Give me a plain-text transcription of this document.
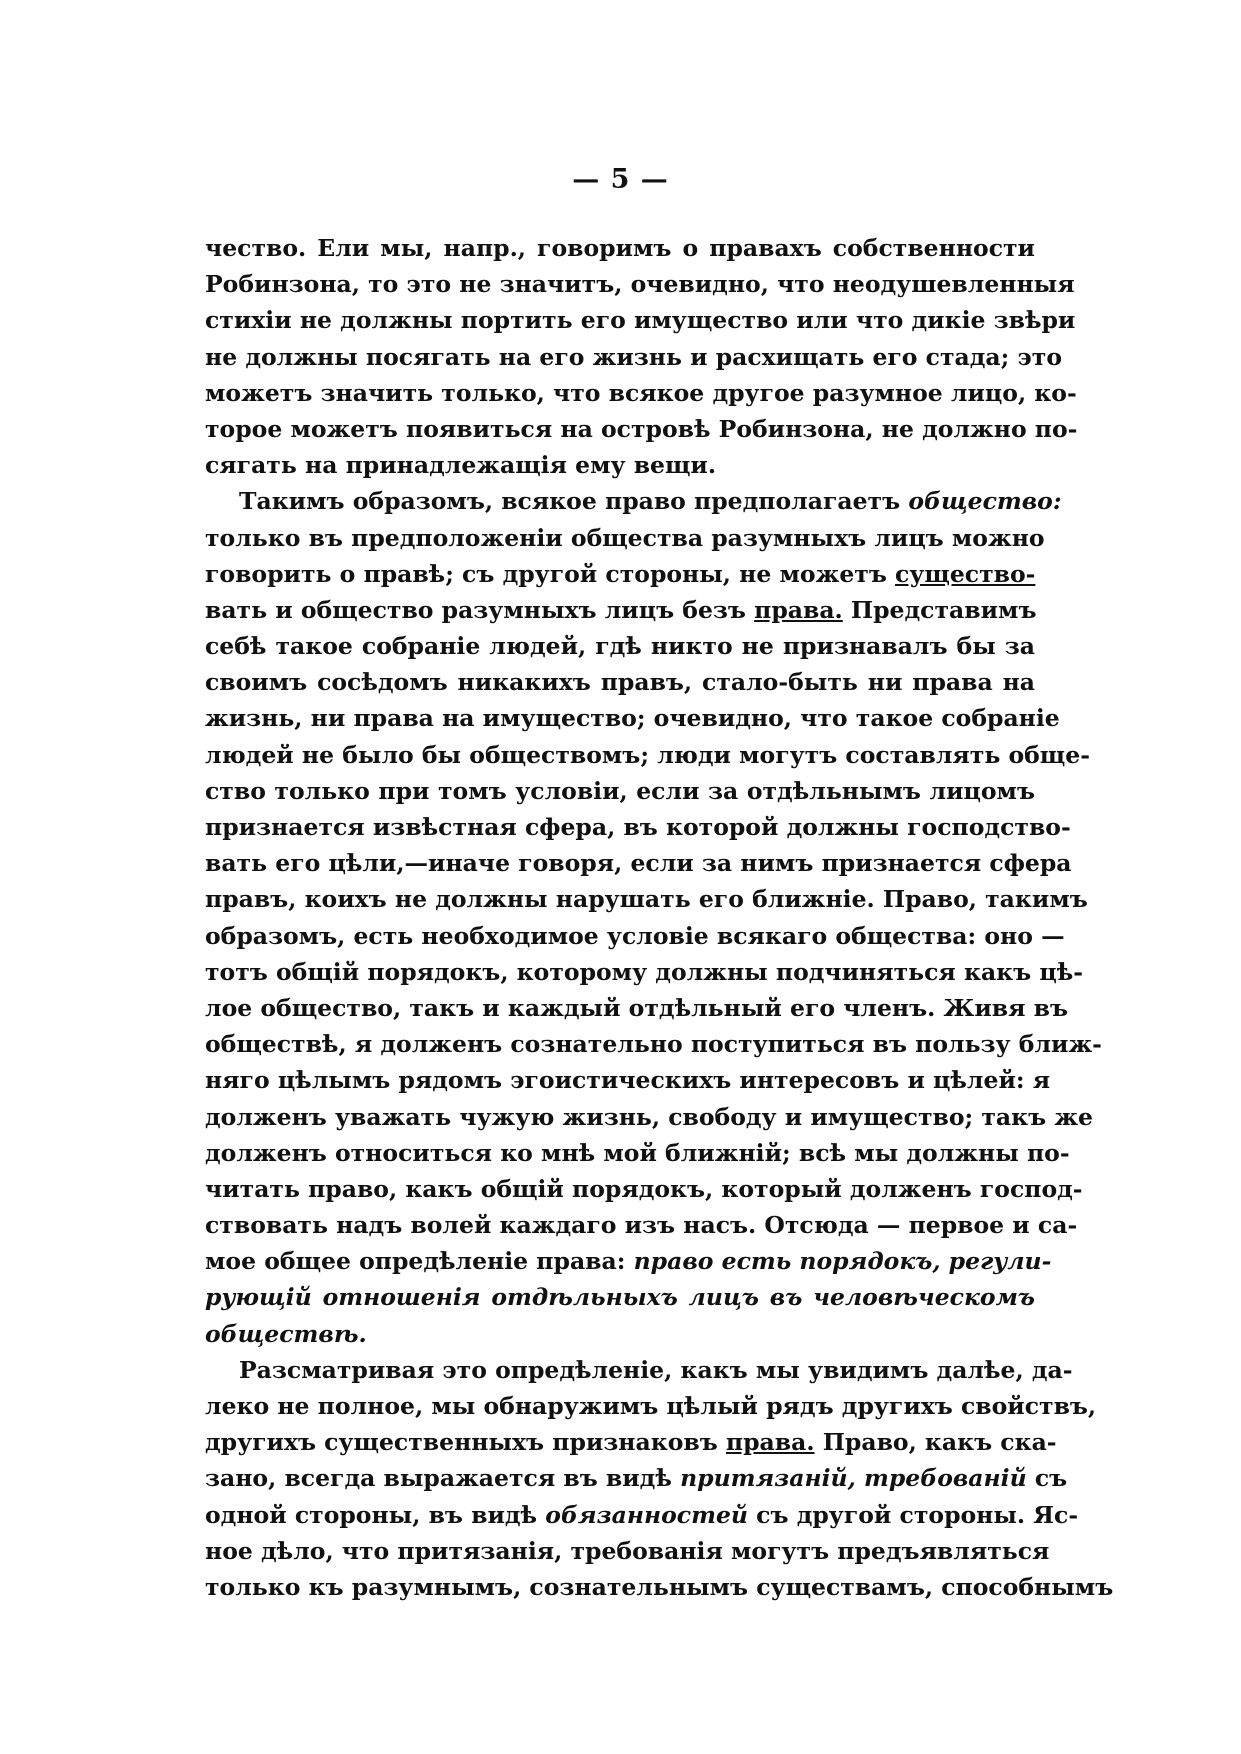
— 5 —
чество. Ели мы, напр., говоримъ о правахъ собственности
Робинзона, то это не значитъ, очевидно, что неодушевленныя
стихіи не должны портить его имущество или что дикіе звѣри
не должны посягать на его жизнь и расхищать его стада; это
можетъ значить только, что всякое другое разумное лицо, ко-
торое можетъ появиться на островѣ Робинзона, не должно по-
сягать на принадлежащія ему вещи.
Такимъ образомъ, всякое право предполагаетъ общество:
только въ предположеніи общества разумныхъ лицъ можно
говорить о правѣ; съ другой стороны, не можетъ существо-
вать и общество разумныхъ лицъ безъ права. Представимъ
себѣ такое собраніе людей, гдѣ никто не признавалъ бы за
своимъ сосѣдомъ никакихъ правъ, стало-быть ни права на
жизнь, ни права на имущество; очевидно, что такое собраніе
людей не было бы обществомъ; люди могутъ составлять обще-
ство только при томъ условіи, если за отдѣльнымъ лицомъ
признается извѣстная сфера, въ которой должны господство-
вать его цѣли,—иначе говоря, если за нимъ признается сфера
правъ, коихъ не должны нарушать его ближніе. Право, такимъ
образомъ, есть необходимое условіе всякаго общества: оно —
тотъ общій порядокъ, которому должны подчиняться какъ цѣ-
лое общество, такъ и каждый отдѣльный его членъ. Живя въ
обществѣ, я долженъ сознательно поступиться въ пользу ближ-
няго цѣлымъ рядомъ эгоистическихъ интересовъ и цѣлей: я
долженъ уважать чужую жизнь, свободу и имущество; такъ же
долженъ относиться ко мнѣ мой ближній; всѣ мы должны по-
читать право, какъ общій порядокъ, который долженъ господ-
ствовать надъ волей каждаго изъ насъ. Отсюда — первое и са-
мое общее опредѣленіе права: право есть порядокъ, регули-
рующій отношенія отдѣльныхъ лицъ въ человѣческомъ
обществѣ.
Разсматривая это опредѣленіе, какъ мы увидимъ далѣе, да-
леко не полное, мы обнаружимъ цѣлый рядъ другихъ свойствъ,
другихъ существенныхъ признаковъ права. Право, какъ ска-
зано, всегда выражается въ видѣ притязаній, требованій съ
одной стороны, въ видѣ обязанностей съ другой стороны. Яс-
ное дѣло, что притязанія, требованія могутъ предъявляться
только къ разумнымъ, сознательнымъ существамъ, способнымъ
